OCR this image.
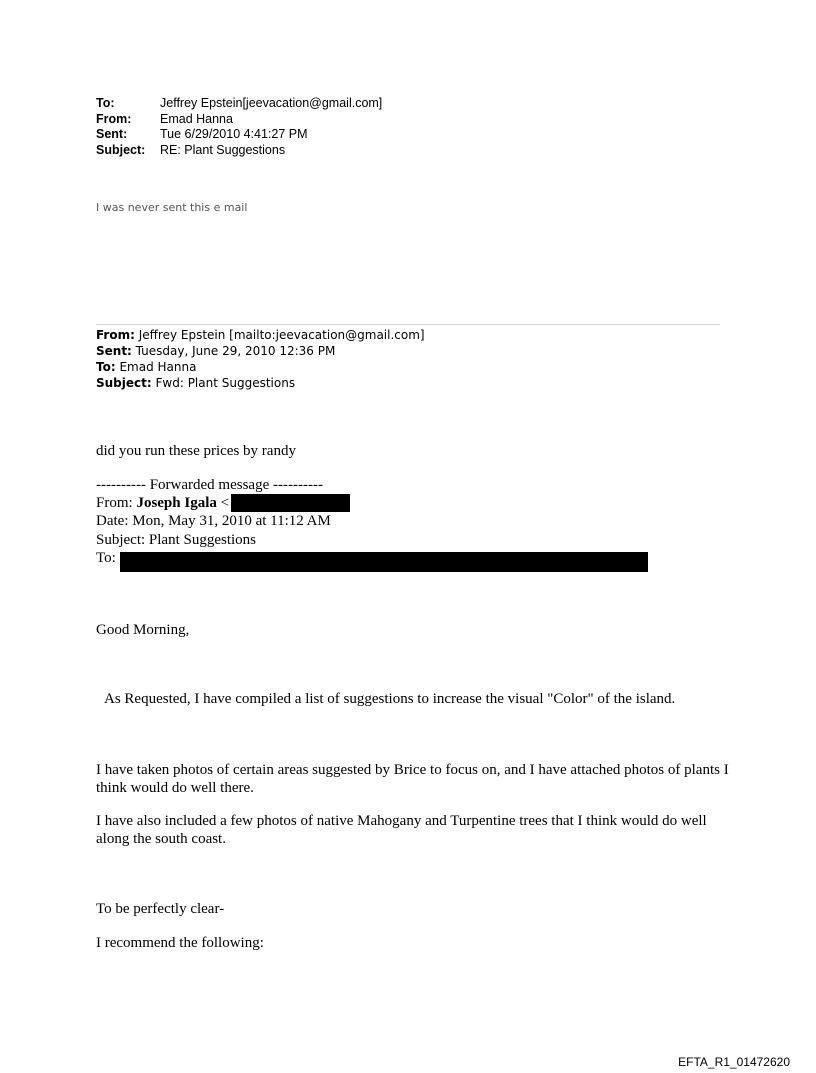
To:	Jeffrey Epstein[jeevacation@gmail.com]
From:	Emad Hanna
Sent:	Tue 6/29/2010 4:41:27 PM
Subject:	RE: Plant Suggestions

I was never sent this e mail

From: Jeffrey Epstein [mailto:jeevacation@gmail.com]
Sent: Tuesday, June 29, 2010 12:36 PM
To: Emad Hanna
Subject: Fwd: Plant Suggestions

did you run these prices by randy

---------- Forwarded message ----------

From: Joseph Igala <

Date: Mon, May 31, 2010 at 11:12 AM

Subject: Plant Suggestions

To:

Good Morning,

As Requested, I have compiled a list of suggestions to increase the visual "Color" of the island.

I have taken photos of certain areas suggested by Brice to focus on, and I have attached photos of plants I think would do well there.

I have also included a few photos of native Mahogany and Turpentine trees that I think would do well along the south coast.

To be perfectly clear-

I recommend the following:

EFTA_R1_01472620
